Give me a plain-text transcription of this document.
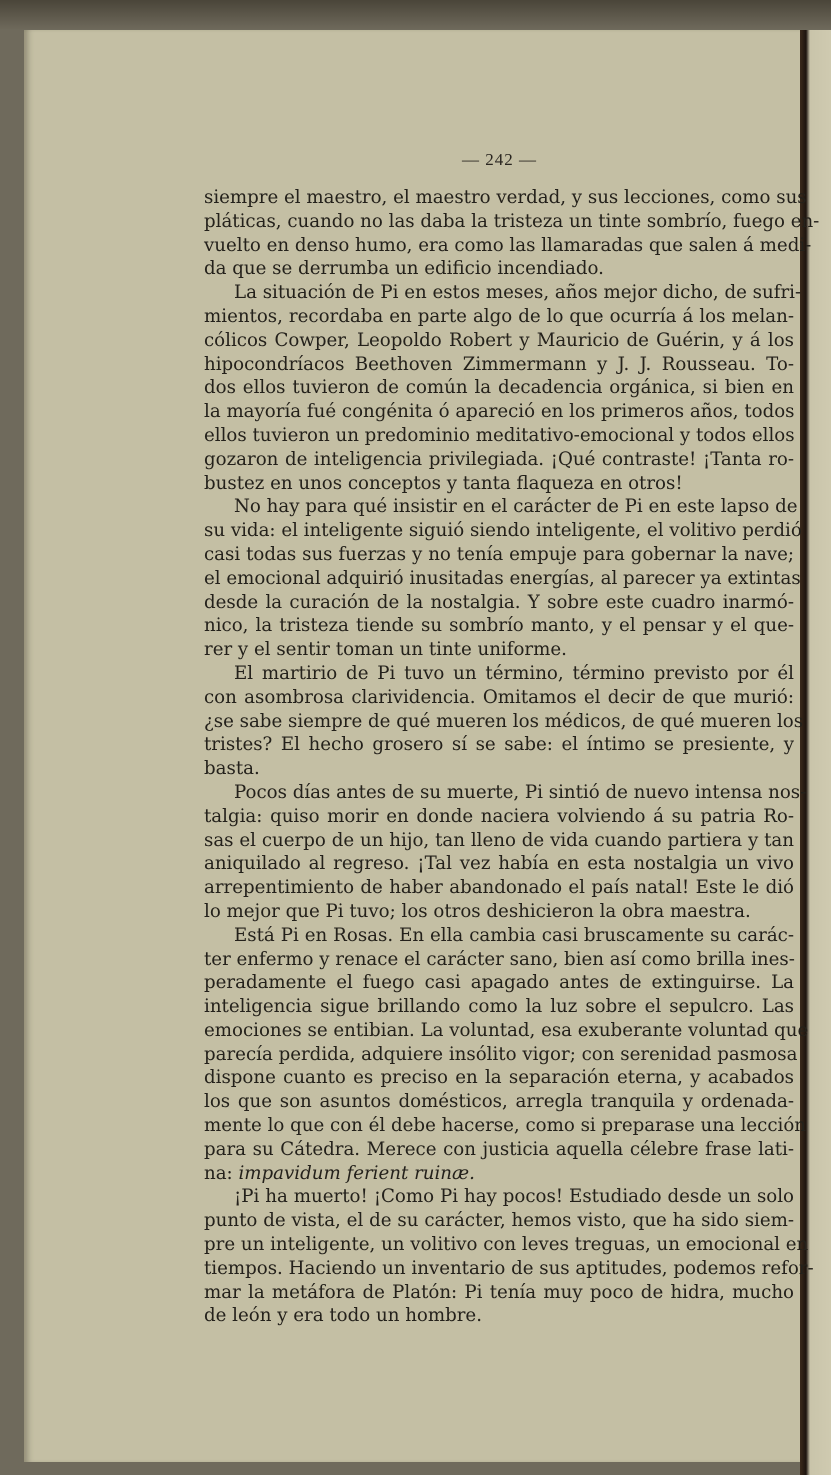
— 242 —
siempre el maestro, el maestro verdad, y sus lecciones, como sus
pláticas, cuando no las daba la tristeza un tinte sombrío, fuego en-
vuelto en denso humo, era como las llamaradas que salen á medi-
da que se derrumba un edificio incendiado.
La situación de Pi en estos meses, años mejor dicho, de sufri-
mientos, recordaba en parte algo de lo que ocurría á los melan-
cólicos Cowper, Leopoldo Robert y Mauricio de Guérin, y á los
hipocondríacos Beethoven Zimmermann y J. J. Rousseau. To-
dos ellos tuvieron de común la decadencia orgánica, si bien en
la mayoría fué congénita ó apareció en los primeros años, todos
ellos tuvieron un predominio meditativo-emocional y todos ellos
gozaron de inteligencia privilegiada. ¡Qué contraste! ¡Tanta ro-
bustez en unos conceptos y tanta flaqueza en otros!
No hay para qué insistir en el carácter de Pi en este lapso de
su vida: el inteligente siguió siendo inteligente, el volitivo perdió
casi todas sus fuerzas y no tenía empuje para gobernar la nave;
el emocional adquirió inusitadas energías, al parecer ya extintas
desde la curación de la nostalgia. Y sobre este cuadro inarmó-
nico, la tristeza tiende su sombrío manto, y el pensar y el que-
rer y el sentir toman un tinte uniforme.
El martirio de Pi tuvo un término, término previsto por él
con asombrosa clarividencia. Omitamos el decir de que murió:
¿se sabe siempre de qué mueren los médicos, de qué mueren los
tristes? El hecho grosero sí se sabe: el íntimo se presiente, y
basta.
Pocos días antes de su muerte, Pi sintió de nuevo intensa nos-
talgia: quiso morir en donde naciera volviendo á su patria Ro-
sas el cuerpo de un hijo, tan lleno de vida cuando partiera y tan
aniquilado al regreso. ¡Tal vez había en esta nostalgia un vivo
arrepentimiento de haber abandonado el país natal! Este le dió
lo mejor que Pi tuvo; los otros deshicieron la obra maestra.
Está Pi en Rosas. En ella cambia casi bruscamente su carác-
ter enfermo y renace el carácter sano, bien así como brilla ines-
peradamente el fuego casi apagado antes de extinguirse. La
inteligencia sigue brillando como la luz sobre el sepulcro. Las
emociones se entibian. La voluntad, esa exuberante voluntad que
parecía perdida, adquiere insólito vigor; con serenidad pasmosa
dispone cuanto es preciso en la separación eterna, y acabados
los que son asuntos domésticos, arregla tranquila y ordenada-
mente lo que con él debe hacerse, como si preparase una lección
para su Cátedra. Merece con justicia aquella célebre frase lati-
na: impavidum ferient ruinæ.
¡Pi ha muerto! ¡Como Pi hay pocos! Estudiado desde un solo
punto de vista, el de su carácter, hemos visto, que ha sido siem-
pre un inteligente, un volitivo con leves treguas, un emocional en
tiempos. Haciendo un inventario de sus aptitudes, podemos refor-
mar la metáfora de Platón: Pi tenía muy poco de hidra, mucho
de león y era todo un hombre.
